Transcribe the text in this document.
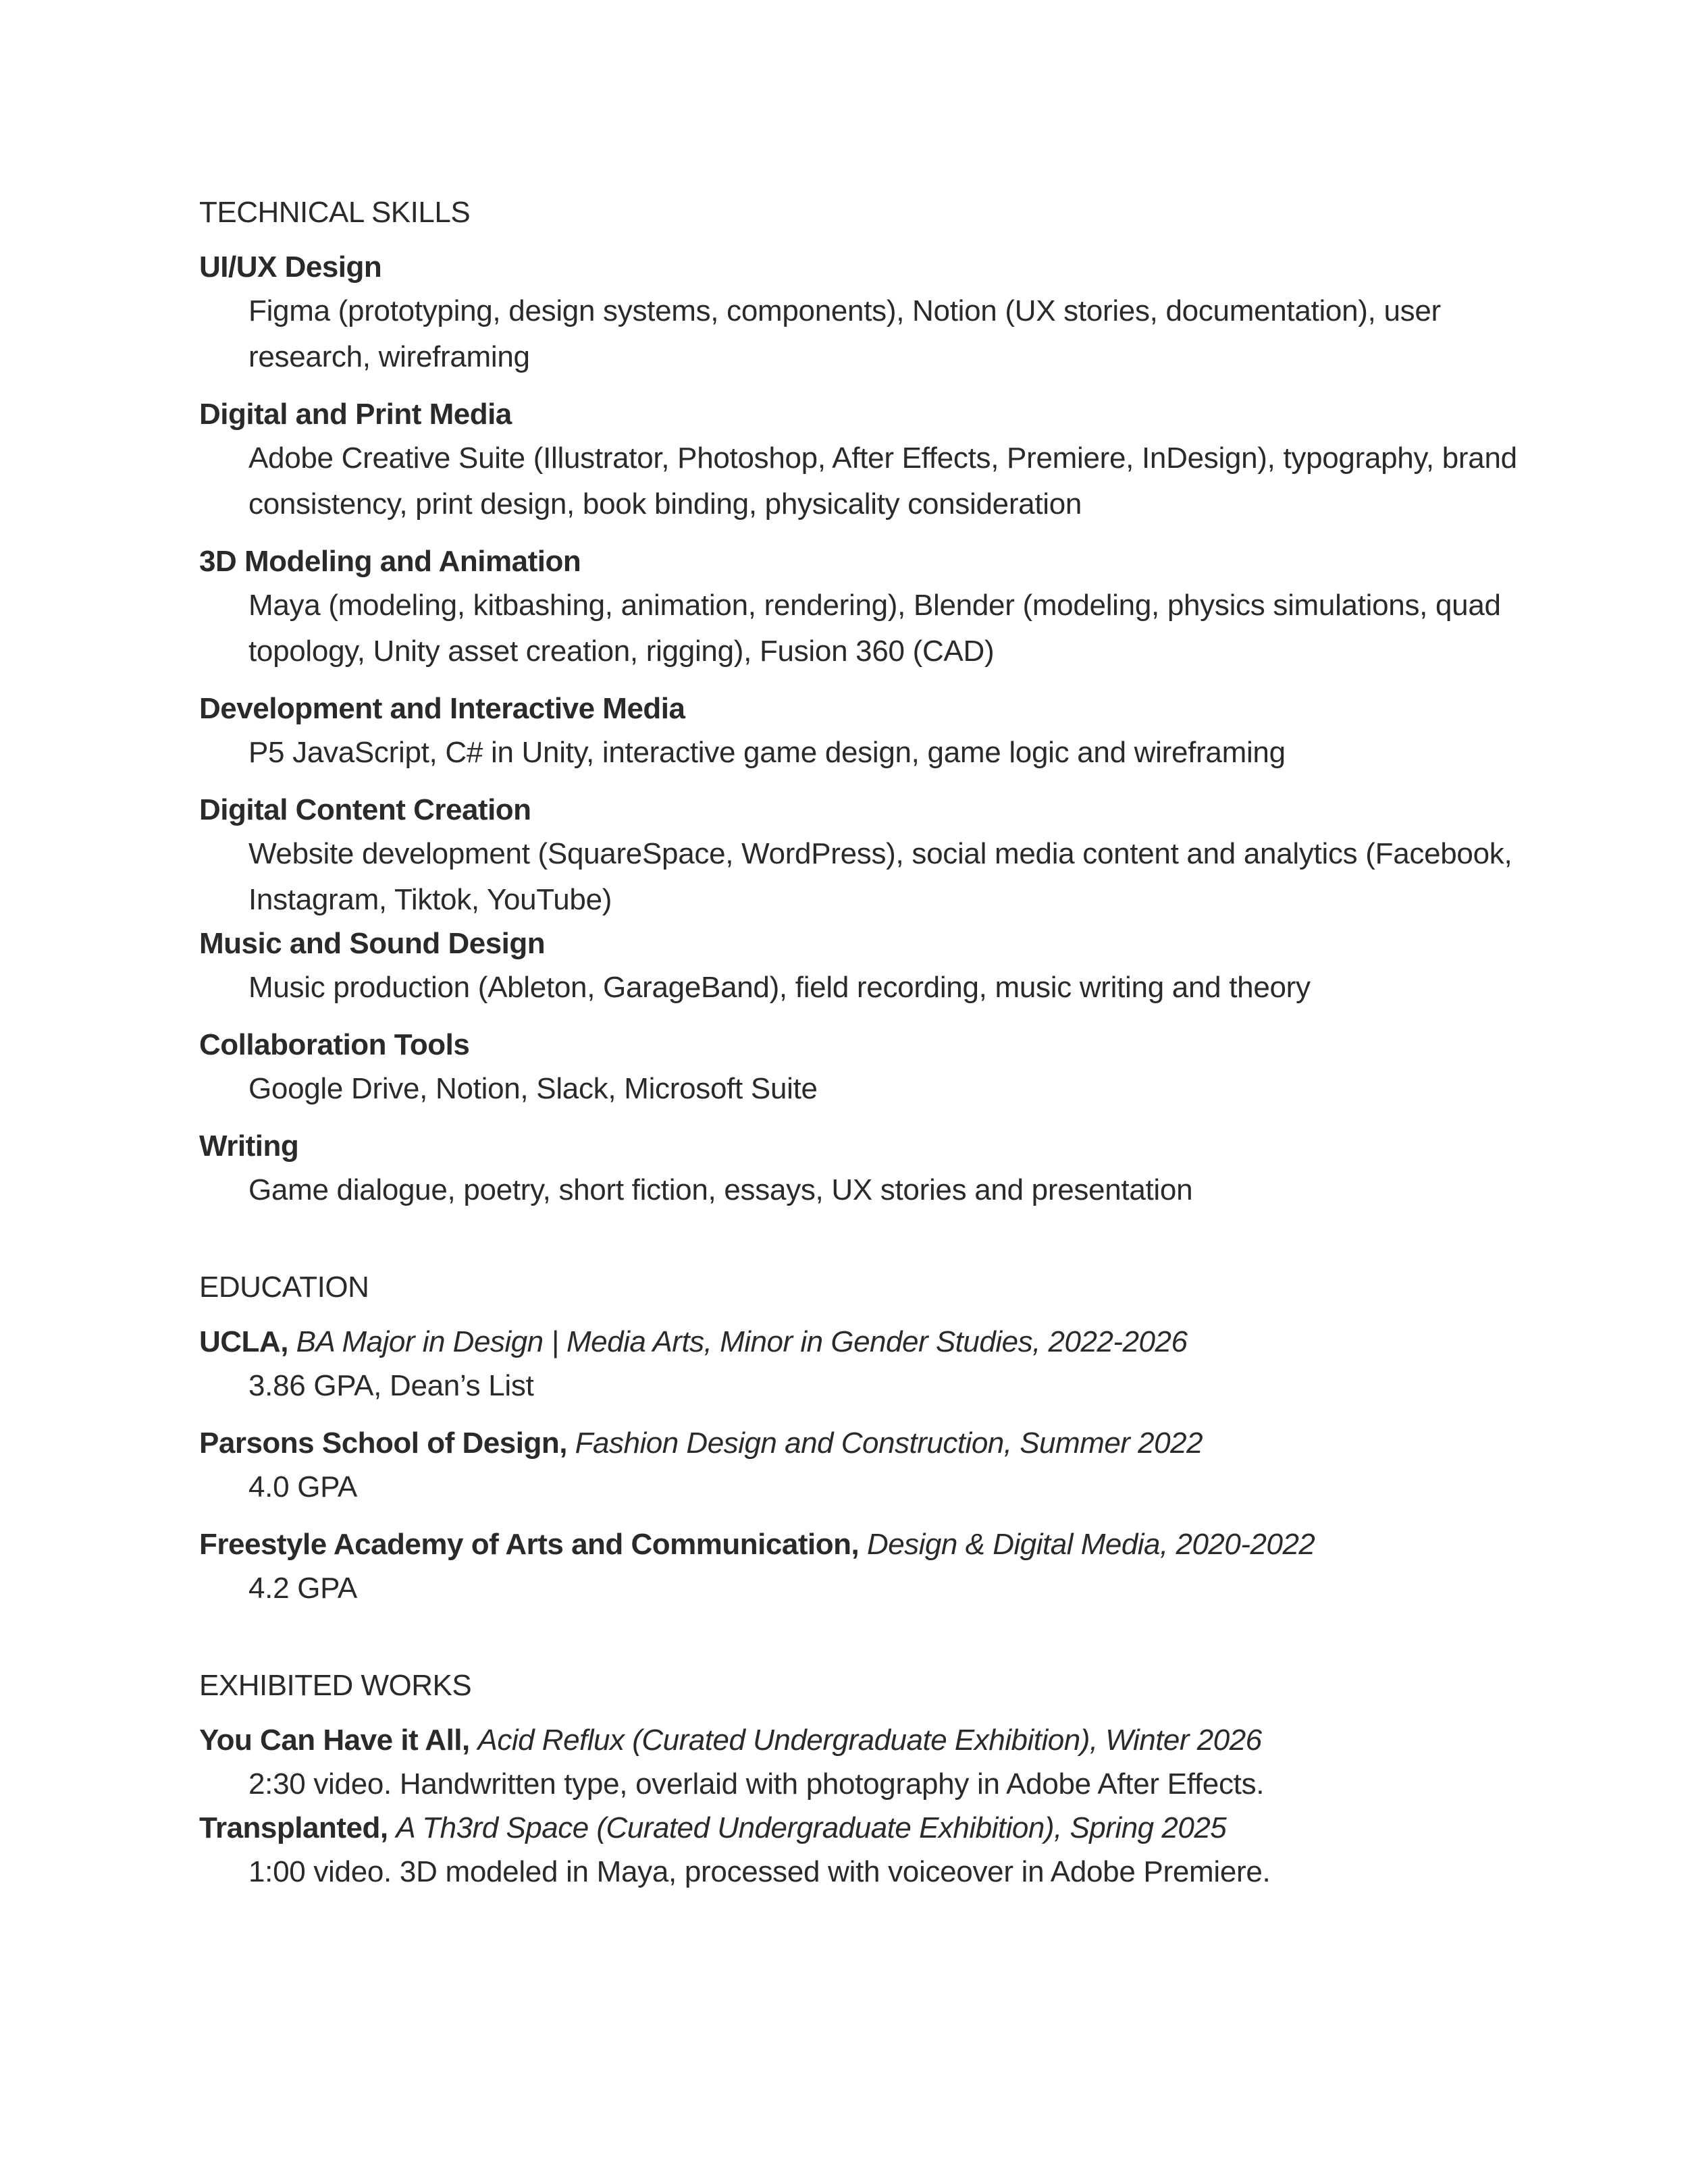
TECHNICAL SKILLS

UI/UX Design

Figma (prototyping, design systems, components), Notion (UX stories, documentation), user research, wireframing

Digital and Print Media

Adobe Creative Suite (Illustrator, Photoshop, After Effects, Premiere, InDesign), typography, brand consistency, print design, book binding, physicality consideration

3D Modeling and Animation

Maya (modeling, kitbashing, animation, rendering), Blender (modeling, physics simulations, quad topology, Unity asset creation, rigging), Fusion 360 (CAD)

Development and Interactive Media

P5 JavaScript, C# in Unity, interactive game design, game logic and wireframing

Digital Content Creation

Website development (SquareSpace, WordPress), social media content and analytics (Facebook, Instagram, Tiktok, YouTube)

Music and Sound Design

Music production (Ableton, GarageBand), field recording, music writing and theory

Collaboration Tools

Google Drive, Notion, Slack, Microsoft Suite

Writing

Game dialogue, poetry, short fiction, essays, UX stories and presentation

EDUCATION

UCLA, BA Major in Design | Media Arts, Minor in Gender Studies, 2022-2026

3.86 GPA, Dean’s List

Parsons School of Design, Fashion Design and Construction, Summer 2022

4.0 GPA

Freestyle Academy of Arts and Communication, Design & Digital Media, 2020-2022

4.2 GPA

EXHIBITED WORKS

You Can Have it All, Acid Reflux (Curated Undergraduate Exhibition), Winter 2026

2:30 video. Handwritten type, overlaid with photography in Adobe After Effects.

Transplanted, A Th3rd Space (Curated Undergraduate Exhibition), Spring 2025

1:00 video. 3D modeled in Maya, processed with voiceover in Adobe Premiere.
